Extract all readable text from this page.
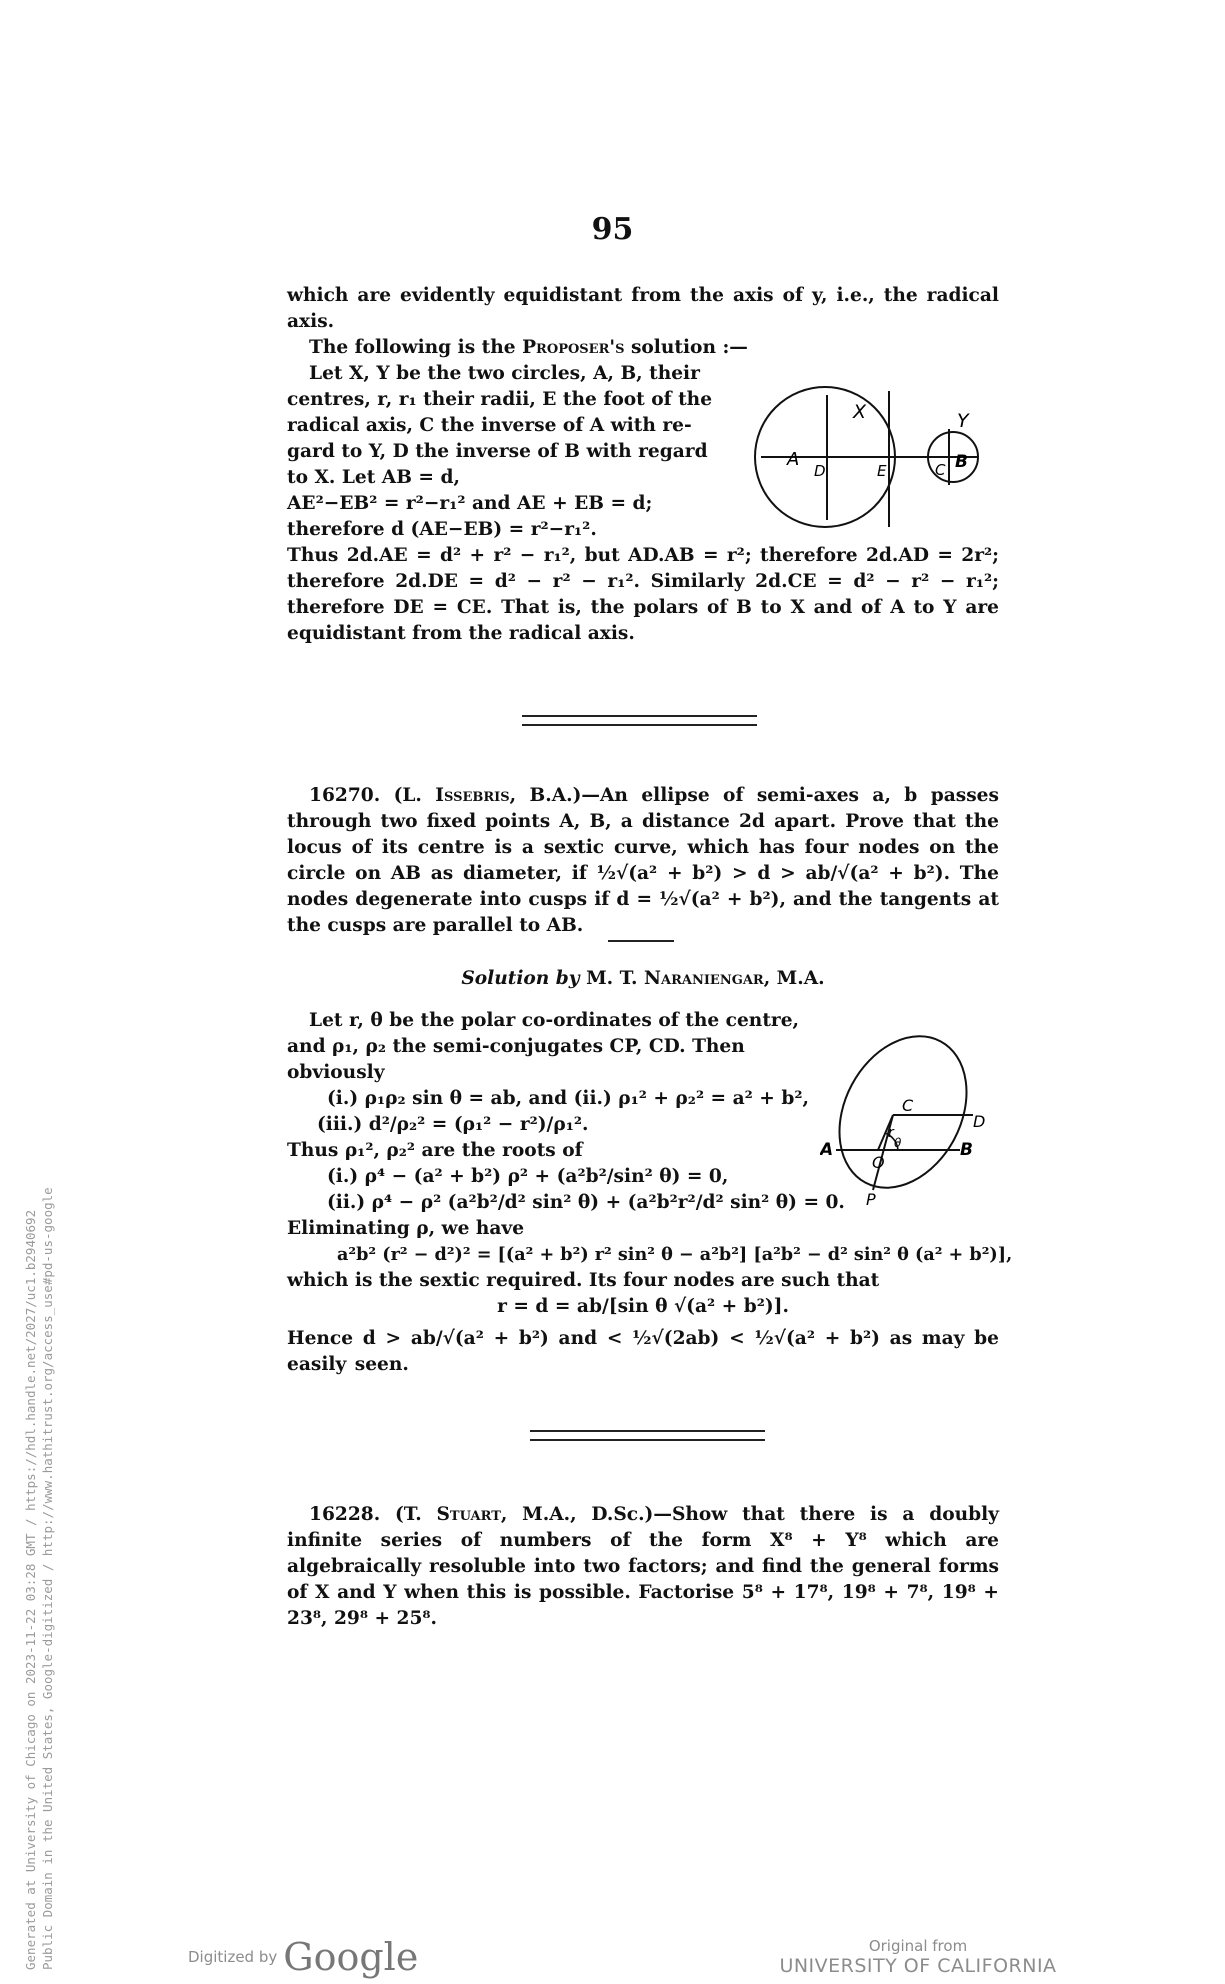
95

which are evidently equidistant from the axis of y, i.e., the radical axis.

The following is the Proposer's solution :—

Let X, Y be the two circles, A, B, their
centres, r, r₁ their radii, E the foot of the
radical axis, C the inverse of A with re-
gard to Y, D the inverse of B with regard
to X. Let AB = d,
AE²−EB² = r²−r₁² and AE + EB = d;
therefore d (AE−EB) = r²−r₁².

Thus 2d.AE = d² + r² − r₁², but AD.AB = r²; therefore 2d.AD = 2r²; therefore 2d.DE = d² − r² − r₁². Similarly 2d.CE = d² − r² − r₁²; therefore DE = CE. That is, the polars of B to X and of A to Y are equidistant from the radical axis.

A
D	E	C B
X	Y

16270. (L. Issebris, B.A.)—An ellipse of semi-axes a, b passes through two fixed points A, B, a distance 2d apart. Prove that the locus of its centre is a sextic curve, which has four nodes on the circle on AB as diameter, if ½√(a² + b²) > d > ab/√(a² + b²). The nodes degenerate into cusps if d = ½√(a² + b²), and the tangents at the cusps are parallel to AB.

Solution by M. T. Naraniengar, M.A.
Let r, θ be the polar co-ordinates of the centre,
and ρ₁, ρ₂ the semi-conjugates CP, CD. Then
obviously
(i.) ρ₁ρ₂ sin θ = ab, and (ii.) ρ₁² + ρ₂² = a² + b²,
(iii.) d²/ρ₂² = (ρ₁² − r²)/ρ₁².
Thus ρ₁², ρ₂² are the roots of
(i.) ρ⁴ − (a² + b²) ρ² + (a²b²/sin² θ) = 0,
(ii.) ρ⁴ − ρ² (a²b²/d² sin² θ) + (a²b²r²/d² sin² θ) = 0.
Eliminating ρ, we have
a²b² (r² − d²)² = [(a² + b²) r² sin² θ − a²b²] [a²b² − d² sin² θ (a² + b²)],
which is the sextic required. Its four nodes are such that
r = d = ab/[sin θ √(a² + b²)].

Hence d > ab/√(a² + b²) and < ½√(2ab) < ½√(a² + b²) as may be easily seen.

A
O
B
C
D
P
r
θ

16228. (T. Stuart, M.A., D.Sc.)—Show that there is a doubly infinite series of numbers of the form X⁸ + Y⁸ which are algebraically resoluble into two factors; and find the general forms of X and Y when this is possible. Factorise 5⁸ + 17⁸, 19⁸ + 7⁸, 19⁸ + 23⁸, 29⁸ + 25⁸.

Generated at University of Chicago on 2023-11-22 03:28 GMT / https://hdl.handle.net/2027/uc1.b2940692 Public Domain in the United States, Google-digitized / http://www.hathitrust.org/access_use#pd-us-google	Digitized by Google	Original from
UNIVERSITY OF CALIFORNIA
